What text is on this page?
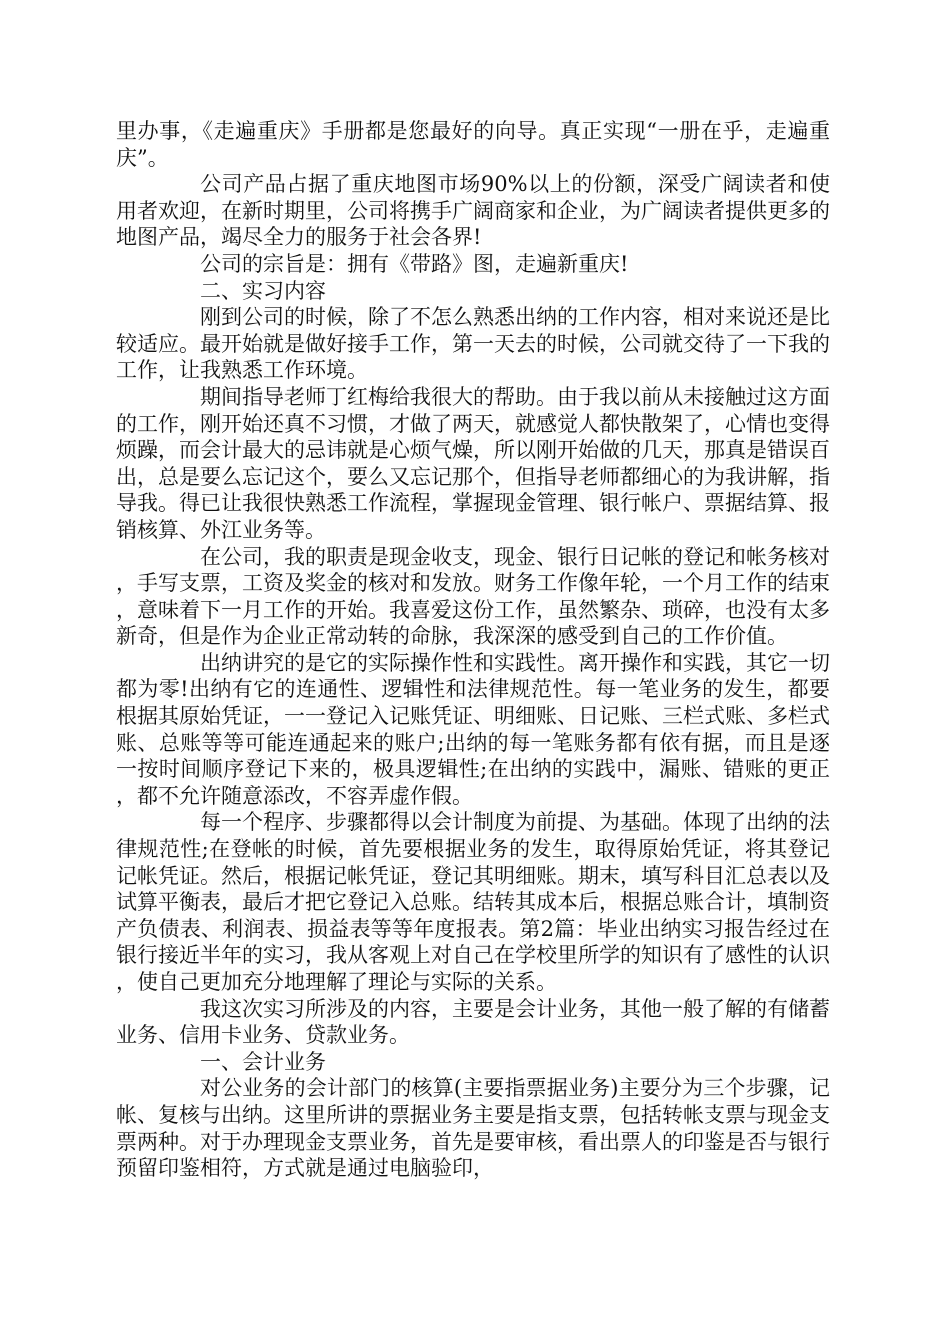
里办事，《走遍重庆》手册都是您最好的向导。真正实现“一册在乎，走遍重庆”。

公司产品占据了重庆地图市场90%以上的份额，深受广阔读者和使用者欢迎，在新时期里，公司将携手广阔商家和企业，为广阔读者提供更多的地图产品，竭尽全力的服务于社会各界!

公司的宗旨是：拥有《带路》图，走遍新重庆!

二、实习内容

刚到公司的时候，除了不怎么熟悉出纳的工作内容，相对来说还是比较适应。最开始就是做好接手工作，第一天去的时候，公司就交待了一下我的工作，让我熟悉工作环境。

期间指导老师丁红梅给我很大的帮助。由于我以前从未接触过这方面的工作，刚开始还真不习惯，才做了两天，就感觉人都快散架了，心情也变得烦躁，而会计最大的忌讳就是心烦气燥，所以刚开始做的几天，那真是错误百出，总是要么忘记这个，要么又忘记那个，但指导老师都细心的为我讲解，指导我。得已让我很快熟悉工作流程，掌握现金管理、银行帐户、票据结算、报销核算、外江业务等。

在公司，我的职责是现金收支，现金、银行日记帐的登记和帐务核对，手写支票，工资及奖金的核对和发放。财务工作像年轮，一个月工作的结束，意味着下一月工作的开始。我喜爱这份工作，虽然繁杂、琐碎，也没有太多新奇，但是作为企业正常动转的命脉，我深深的感受到自己的工作价值。

出纳讲究的是它的实际操作性和实践性。离开操作和实践，其它一切都为零!出纳有它的连通性、逻辑性和法律规范性。每一笔业务的发生，都要根据其原始凭证，一一登记入记账凭证、明细账、日记账、三栏式账、多栏式账、总账等等可能连通起来的账户;出纳的每一笔账务都有依有据，而且是逐一按时间顺序登记下来的，极具逻辑性;在出纳的实践中，漏账、错账的更正，都不允许随意添改，不容弄虚作假。

每一个程序、步骤都得以会计制度为前提、为基础。体现了出纳的法律规范性;在登帐的时候，首先要根据业务的发生，取得原始凭证，将其登记记帐凭证。然后，根据记帐凭证，登记其明细账。期末，填写科目汇总表以及试算平衡表，最后才把它登记入总账。结转其成本后，根据总账合计，填制资产负债表、利润表、损益表等等年度报表。第2篇：毕业出纳实习报告经过在银行接近半年的实习，我从客观上对自己在学校里所学的知识有了感性的认识，使自己更加充分地理解了理论与实际的关系。

我这次实习所涉及的内容，主要是会计业务，其他一般了解的有储蓄业务、信用卡业务、贷款业务。

一、会计业务

对公业务的会计部门的核算(主要指票据业务)主要分为三个步骤，记帐、复核与出纳。这里所讲的票据业务主要是指支票，包括转帐支票与现金支票两种。对于办理现金支票业务，首先是要审核，看出票人的印鉴是否与银行预留印鉴相符，方式就是通过电脑验印，
